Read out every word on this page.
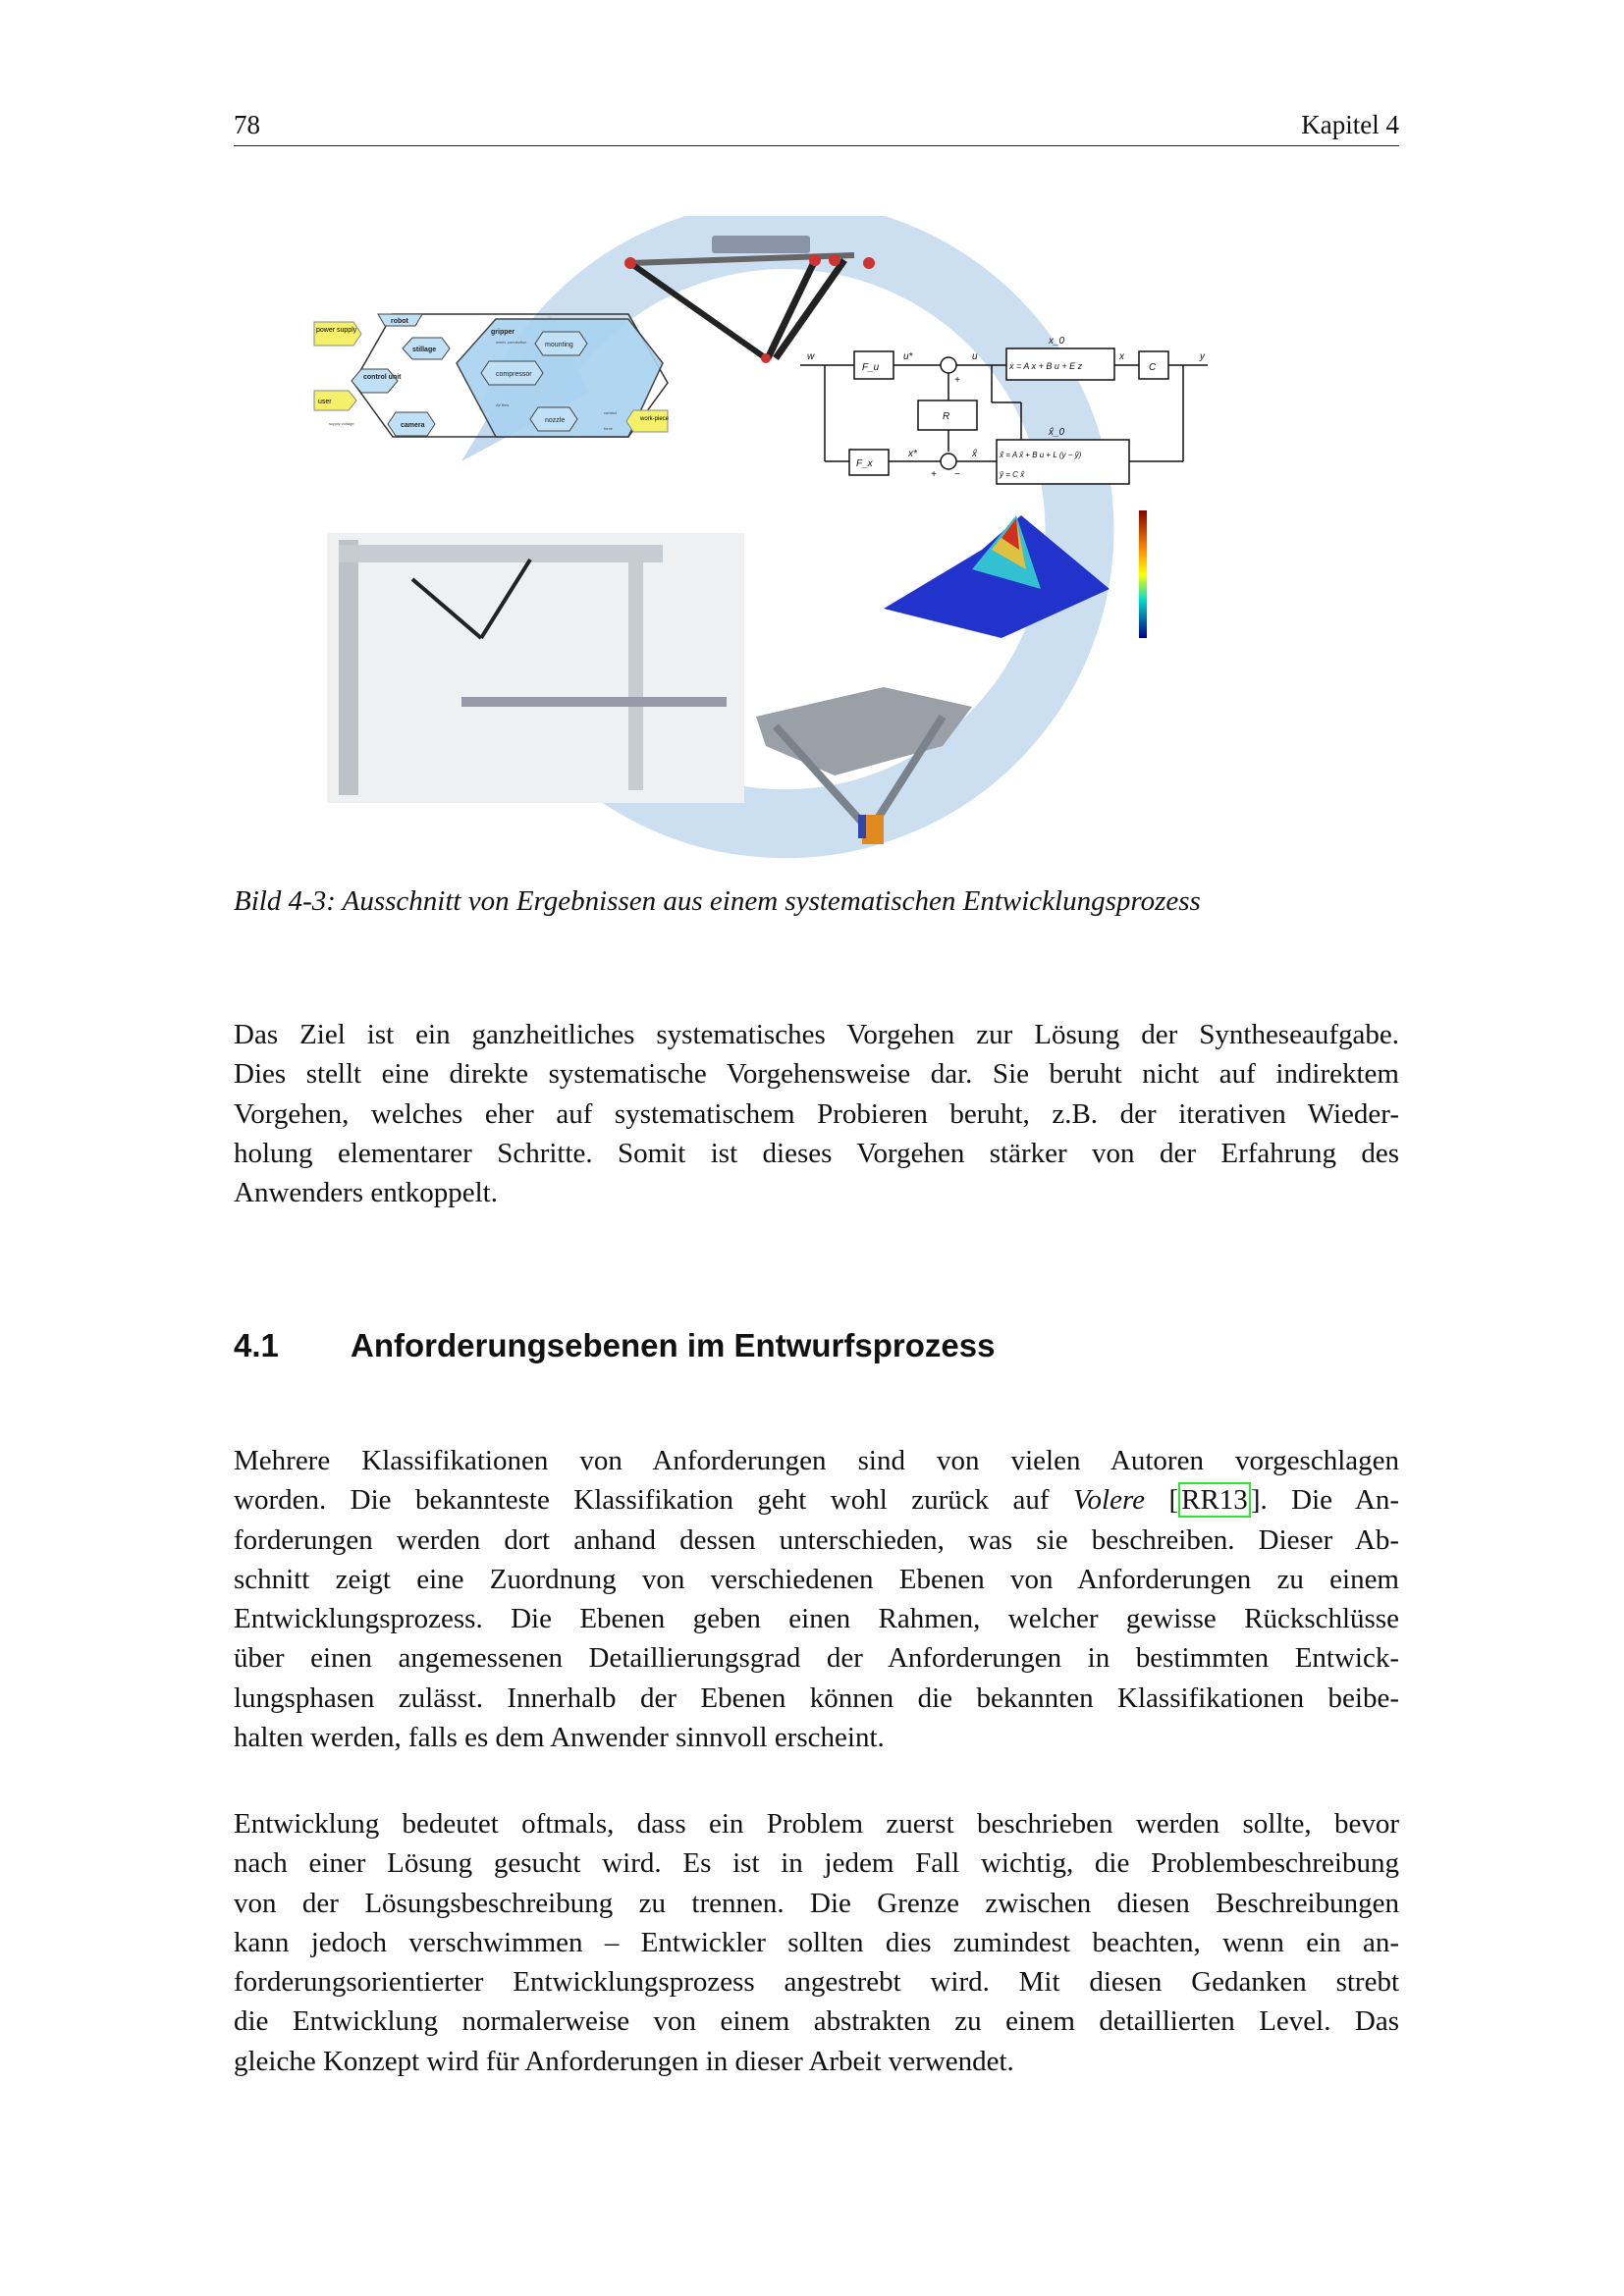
78	Kapitel 4
power supply
user
work-piece
robot
stillage
control unit
camera
gripper
mounting
compressor
nozzle
mech. connection
Air flow
contact
force
supply voltage
w
F_u
u*	u
x_0
ẋ = A x + B u + E z
x
C
y
R
x̂_0
x̂̇ = A x̂ + B u + L (y − ŷ)
ŷ = C x̂
F_x
x*	x̂
+
+ −
Bild 4-3: Ausschnitt von Ergebnissen aus einem systematischen Entwicklungsprozess
Das Ziel ist ein ganzheitliches systematisches Vorgehen zur Lösung der Syntheseaufgabe.
Dies stellt eine direkte systematische Vorgehensweise dar. Sie beruht nicht auf indirektem
Vorgehen, welches eher auf systematischem Probieren beruht, z.B. der iterativen Wieder-
holung elementarer Schritte. Somit ist dieses Vorgehen stärker von der Erfahrung des
Anwenders entkoppelt.
4.1 Anforderungsebenen im Entwurfsprozess
Mehrere Klassifikationen von Anforderungen sind von vielen Autoren vorgeschlagen
worden. Die bekannteste Klassifikation geht wohl zurück auf Volere [ RR13 ]. Die An-
forderungen werden dort anhand dessen unterschieden, was sie beschreiben. Dieser Ab-
schnitt zeigt eine Zuordnung von verschiedenen Ebenen von Anforderungen zu einem
Entwicklungsprozess. Die Ebenen geben einen Rahmen, welcher gewisse Rückschlüsse
über einen angemessenen Detaillierungsgrad der Anforderungen in bestimmten Entwick-
lungsphasen zulässt. Innerhalb der Ebenen können die bekannten Klassifikationen beibe-
halten werden, falls es dem Anwender sinnvoll erscheint.
Entwicklung bedeutet oftmals, dass ein Problem zuerst beschrieben werden sollte, bevor
nach einer Lösung gesucht wird. Es ist in jedem Fall wichtig, die Problembeschreibung
von der Lösungsbeschreibung zu trennen. Die Grenze zwischen diesen Beschreibungen
kann jedoch verschwimmen – Entwickler sollten dies zumindest beachten, wenn ein an-
forderungsorientierter Entwicklungsprozess angestrebt wird. Mit diesen Gedanken strebt
die Entwicklung normalerweise von einem abstrakten zu einem detaillierten Level. Das
gleiche Konzept wird für Anforderungen in dieser Arbeit verwendet.
